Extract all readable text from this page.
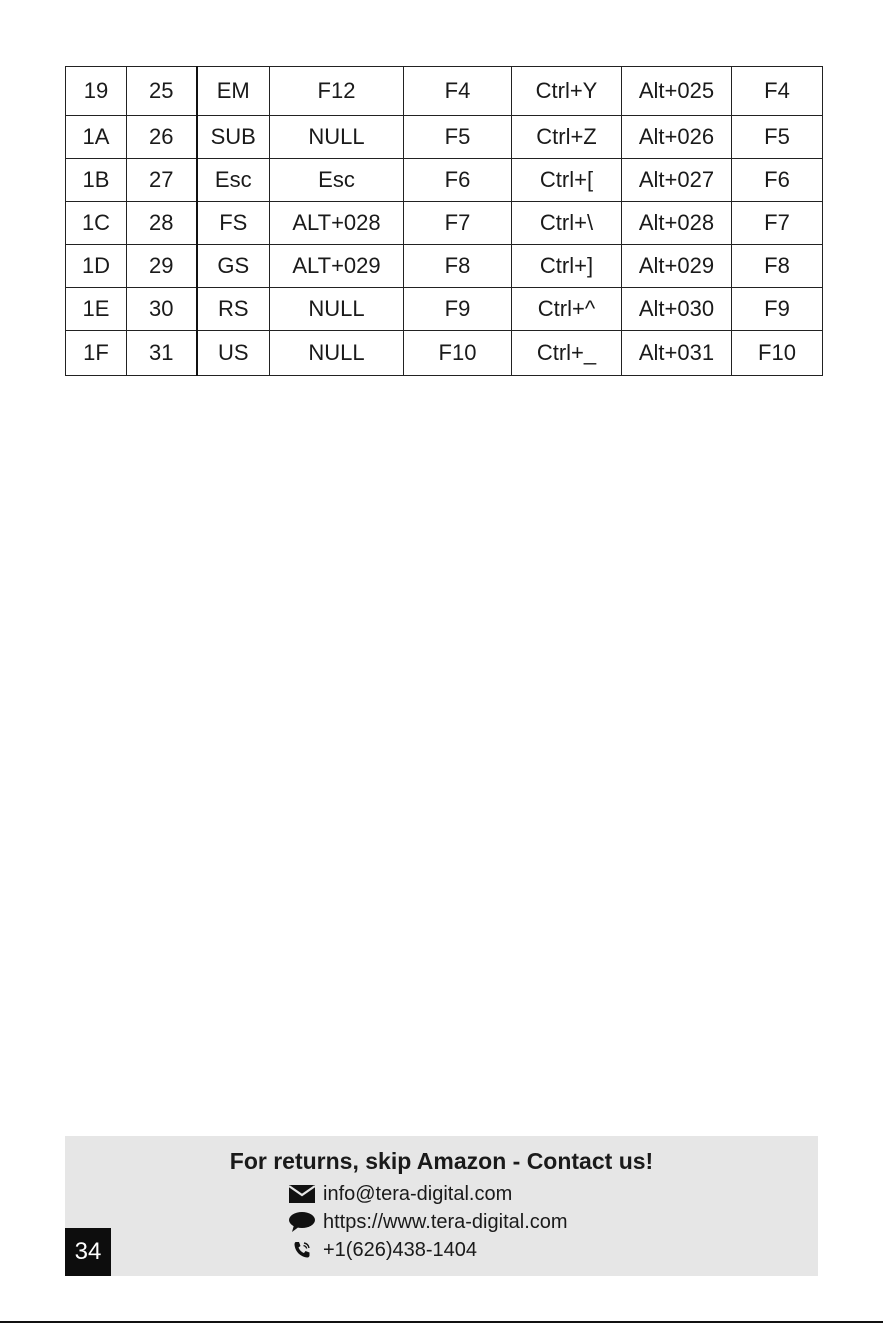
19	25	EM	F12	F4	Ctrl+Y	Alt+025	F4
1A	26	SUB	NULL	F5	Ctrl+Z	Alt+026	F5
1B	27	Esc	Esc	F6	Ctrl+[	Alt+027	F6
1C	28	FS	ALT+028	F7	Ctrl+\	Alt+028	F7
1D	29	GS	ALT+029	F8	Ctrl+]	Alt+029	F8
1E	30	RS	NULL	F9	Ctrl+^	Alt+030	F9
1F	31	US	NULL	F10	Ctrl+_	Alt+031	F10
For returns, skip Amazon - Contact us!
info@tera-digital.com
https://www.tera-digital.com
+1(626)438-1404
34
